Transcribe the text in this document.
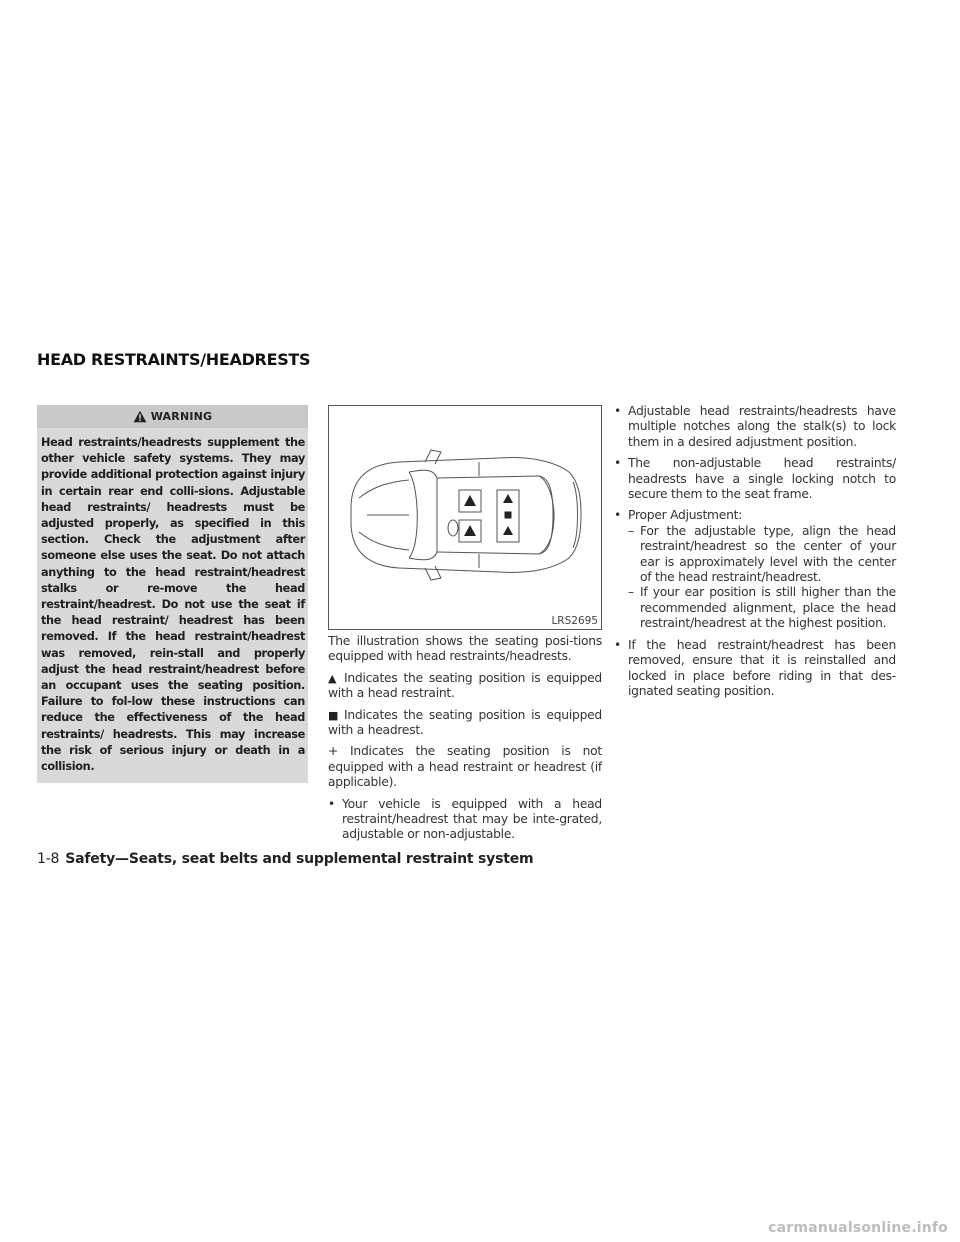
HEAD RESTRAINTS/HEADRESTS
WARNING

Head restraints/headrests supplement the other vehicle safety systems. They may provide additional protection against injury in certain rear end colli-sions. Adjustable head restraints/ headrests must be adjusted properly, as specified in this section. Check the adjustment after someone else uses the seat. Do not attach anything to the head restraint/headrest stalks or re-move the head restraint/headrest. Do not use the seat if the head restraint/ headrest has been removed. If the head restraint/headrest was removed, rein-stall and properly adjust the head restraint/headrest before an occupant uses the seating position. Failure to fol-low these instructions can reduce the effectiveness of the head restraints/ headrests. This may increase the risk of serious injury or death in a collision.

LRS2695

The illustration shows the seating posi-tions equipped with head restraints/headrests.

▲ Indicates the seating position is equipped with a head restraint.

■ Indicates the seating position is equipped with a headrest.

+ Indicates the seating position is not equipped with a head restraint or headrest (if applicable).

• Your vehicle is equipped with a head restraint/headrest that may be inte-grated, adjustable or non-adjustable.

• Adjustable head restraints/headrests have multiple notches along the stalk(s) to lock them in a desired adjustment position.

• The non-adjustable head restraints/ headrests have a single locking notch to secure them to the seat frame.

• Proper Adjustment:

– For the adjustable type, align the head restraint/headrest so the center of your ear is approximately level with the center of the head restraint/headrest.

– If your ear position is still higher than the recommended alignment, place the head restraint/headrest at the highest position.

• If the head restraint/headrest has been removed, ensure that it is reinstalled and locked in place before riding in that des-ignated seating position.

1-8 Safety—Seats, seat belts and supplemental restraint system
carmanualsonline.info
